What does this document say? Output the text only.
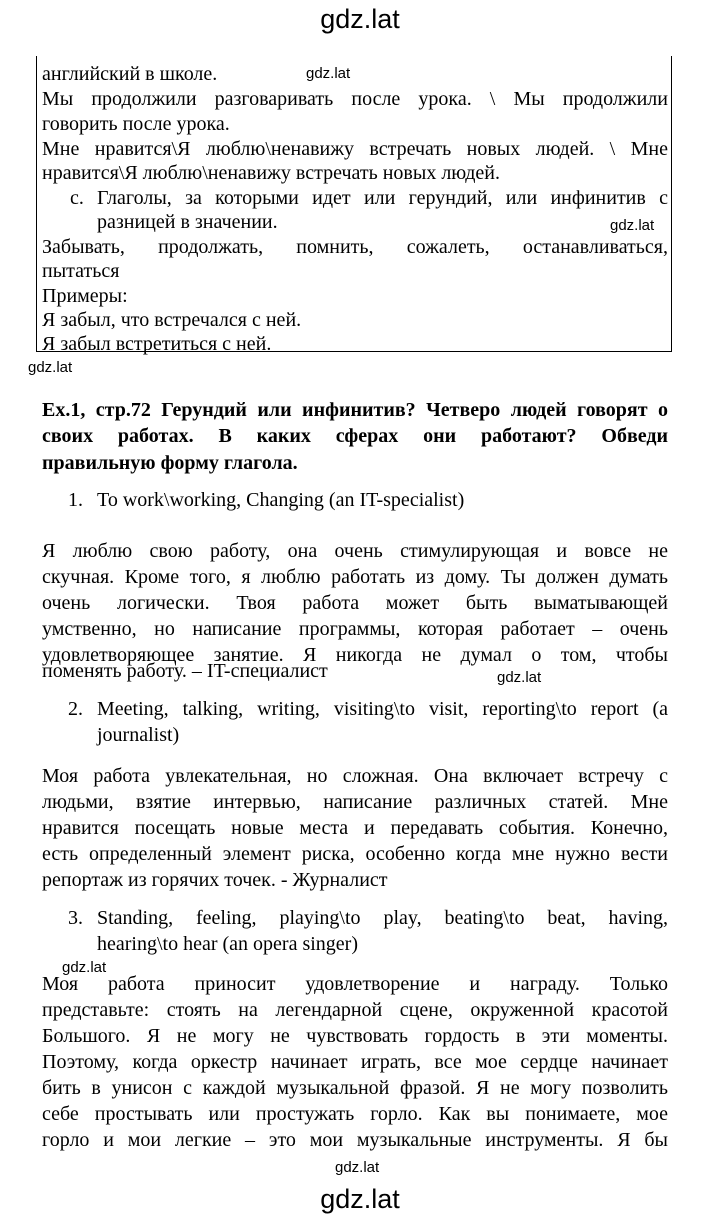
gdz.lat
английский в школе.
Мы продолжили разговаривать после урока. \ Мы продолжили
говорить после урока.
Мне нравится\Я люблю\ненавижу встречать новых людей. \ Мне
нравится\Я люблю\ненавижу встречать новых людей.
c. Глаголы, за которыми идет или герундий, или инфинитив с
разницей в значении.
Забывать, продолжать, помнить, сожалеть, останавливаться,
пытаться
Примеры:
Я забыл, что встречался с ней.
Я забыл встретиться с ней.
Ex.1, стр.72 Герундий или инфинитив? Четверо людей говорят о
своих работах. В каких сферах они работают? Обведи
правильную форму глагола.
1. To work\working, Changing (an IT-specialist)
Я люблю свою работу, она очень стимулирующая и вовсе не
скучная. Кроме того, я люблю работать из дому. Ты должен думать
очень логически. Твоя работа может быть выматывающей
умственно, но написание программы, которая работает – очень
удовлетворяющее занятие. Я никогда не думал о том, чтобы
поменять работу. – IT-специалист
2. Meeting, talking, writing, visiting\to visit, reporting\to report (a
journalist)
Моя работа увлекательная, но сложная. Она включает встречу с
людьми, взятие интервью, написание различных статей. Мне
нравится посещать новые места и передавать события. Конечно,
есть определенный элемент риска, особенно когда мне нужно вести
репортаж из горячих точек. - Журналист
3. Standing, feeling, playing\to play, beating\to beat, having,
hearing\to hear (an opera singer)
Моя работа приносит удовлетворение и награду. Только
представьте: стоять на легендарной сцене, окруженной красотой
Большого. Я не могу не чувствовать гордость в эти моменты.
Поэтому, когда оркестр начинает играть, все мое сердце начинает
бить в унисон с каждой музыкальной фразой. Я не могу позволить
себе простывать или простужать горло. Как вы понимаете, мое
горло и мои легкие – это мои музыкальные инструменты. Я бы
gdz.lat
gdz.lat
gdz.lat
gdz.lat
gdz.lat
gdz.lat
gdz.lat
